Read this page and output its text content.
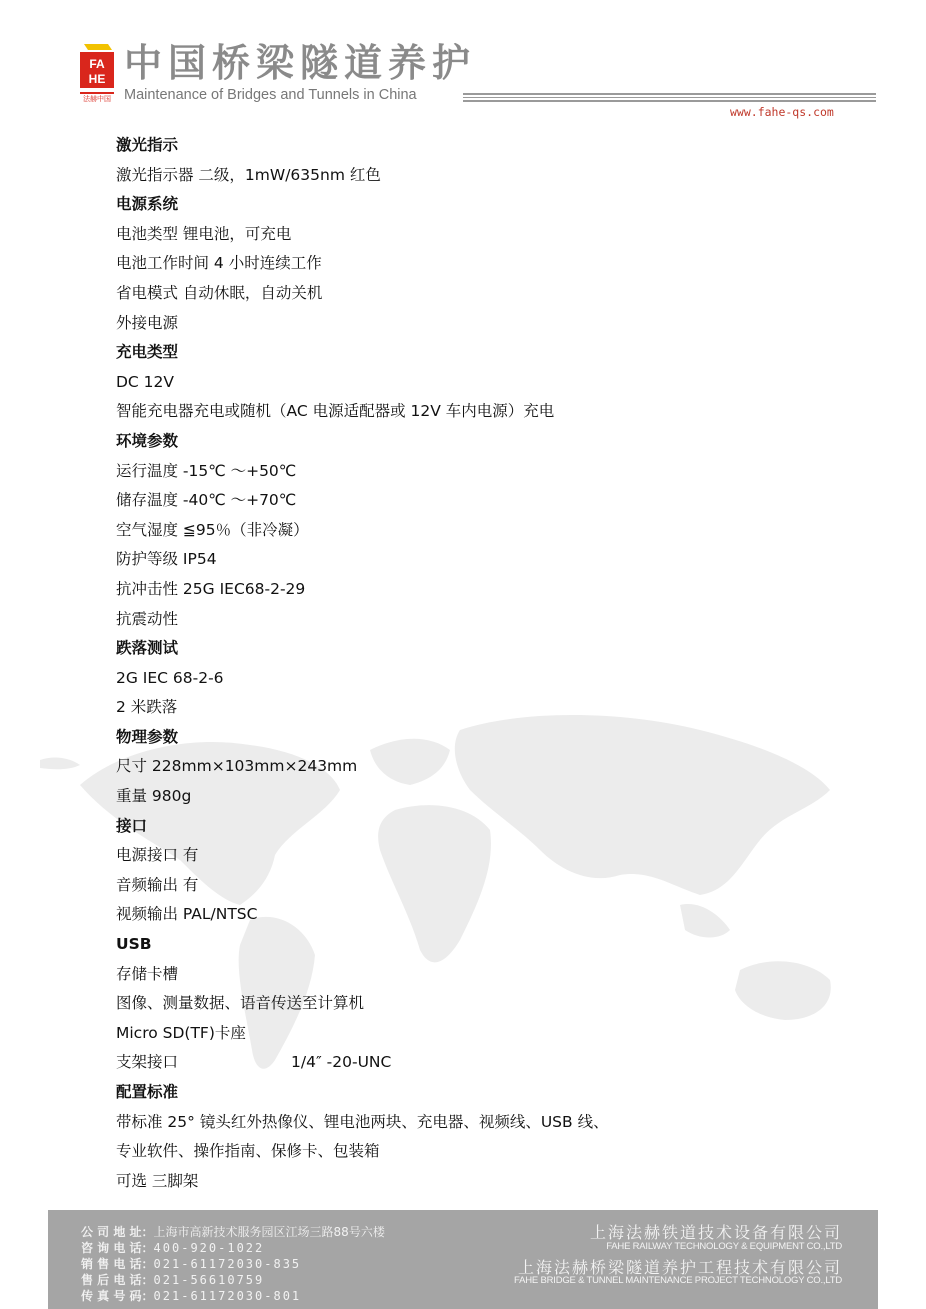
FA
HE
法赫中国
中国桥梁隧道养护
Maintenance of Bridges and Tunnels in China
www.fahe-qs.com
激光指示
激光指示器 二级，1mW/635nm 红色
电源系统
电池类型 锂电池，可充电
电池工作时间 4 小时连续工作
省电模式 自动休眠，自动关机
外接电源
充电类型
DC 12V
智能充电器充电或随机（AC 电源适配器或 12V 车内电源）充电
环境参数
运行温度 -15℃ ～+50℃
储存温度 -40℃ ～+70℃
空气湿度 ≦95％（非冷凝）
防护等级 IP54
抗冲击性 25G IEC68-2-29
抗震动性
跌落测试
2G IEC 68-2-6
2 米跌落
物理参数
尺寸 228mm×103mm×243mm
重量 980g
接口
电源接口 有
音频输出 有
视频输出 PAL/NTSC
USB
存储卡槽
图像、测量数据、语音传送至计算机
Micro SD(TF)卡座
支架接口	1/4″ -20-UNC
配置标准
带标准 25° 镜头红外热像仪、锂电池两块、充电器、视频线、USB 线、
专业软件、操作指南、保修卡、包装箱
可选 三脚架
公 司 地 址：上海市高新技术服务园区江场三路88号六楼
咨 询 电 话：400-920-1022
销 售 电 话：021-61172030-835
售 后 电 话：021-56610759
传 真 号 码：021-61172030-801
上海法赫铁道技术设备有限公司
FAHE RAILWAY TECHNOLOGY & EQUIPMENT CO.,LTD
上海法赫桥梁隧道养护工程技术有限公司
FAHE BRIDGE & TUNNEL MAINTENANCE PROJECT TECHNOLOGY CO.,LTD
